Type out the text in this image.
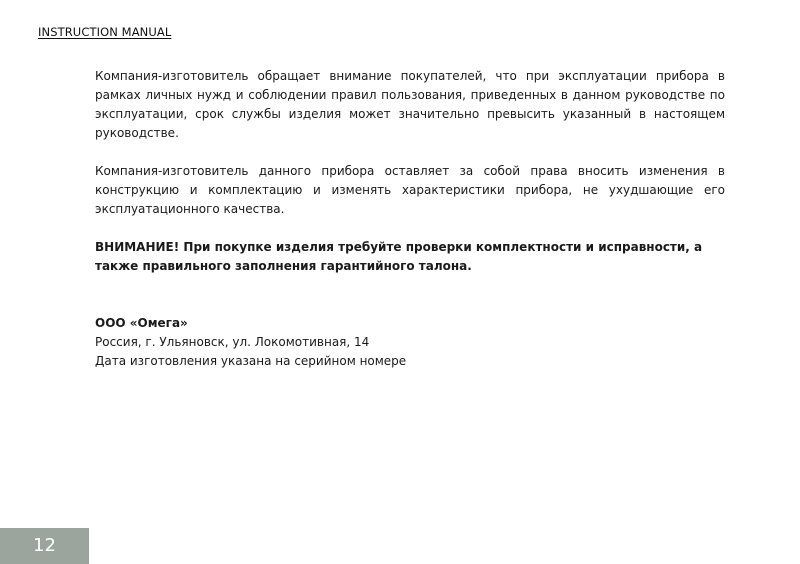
INSTRUCTION MANUAL

Компания-изготовитель обращает внимание покупателей, что при эксплуатации прибора в рамках личных нужд и соблюдении правил пользования, приведенных в данном руководстве по эксплуатации, срок службы изделия может значительно превысить указанный в настоящем руководстве.

Компания-изготовитель данного прибора оставляет за собой права вносить изменения в конструкцию и комплектацию и изменять характеристики прибора, не ухудшающие его эксплуатационного качества.

ВНИМАНИЕ! При покупке изделия требуйте проверки комплектности и исправности, а также правильного заполнения гарантийного талона.

ООО «Омега»

Россия, г. Ульяновск, ул. Локомотивная, 14

Дата изготовления указана на серийном номере

12
